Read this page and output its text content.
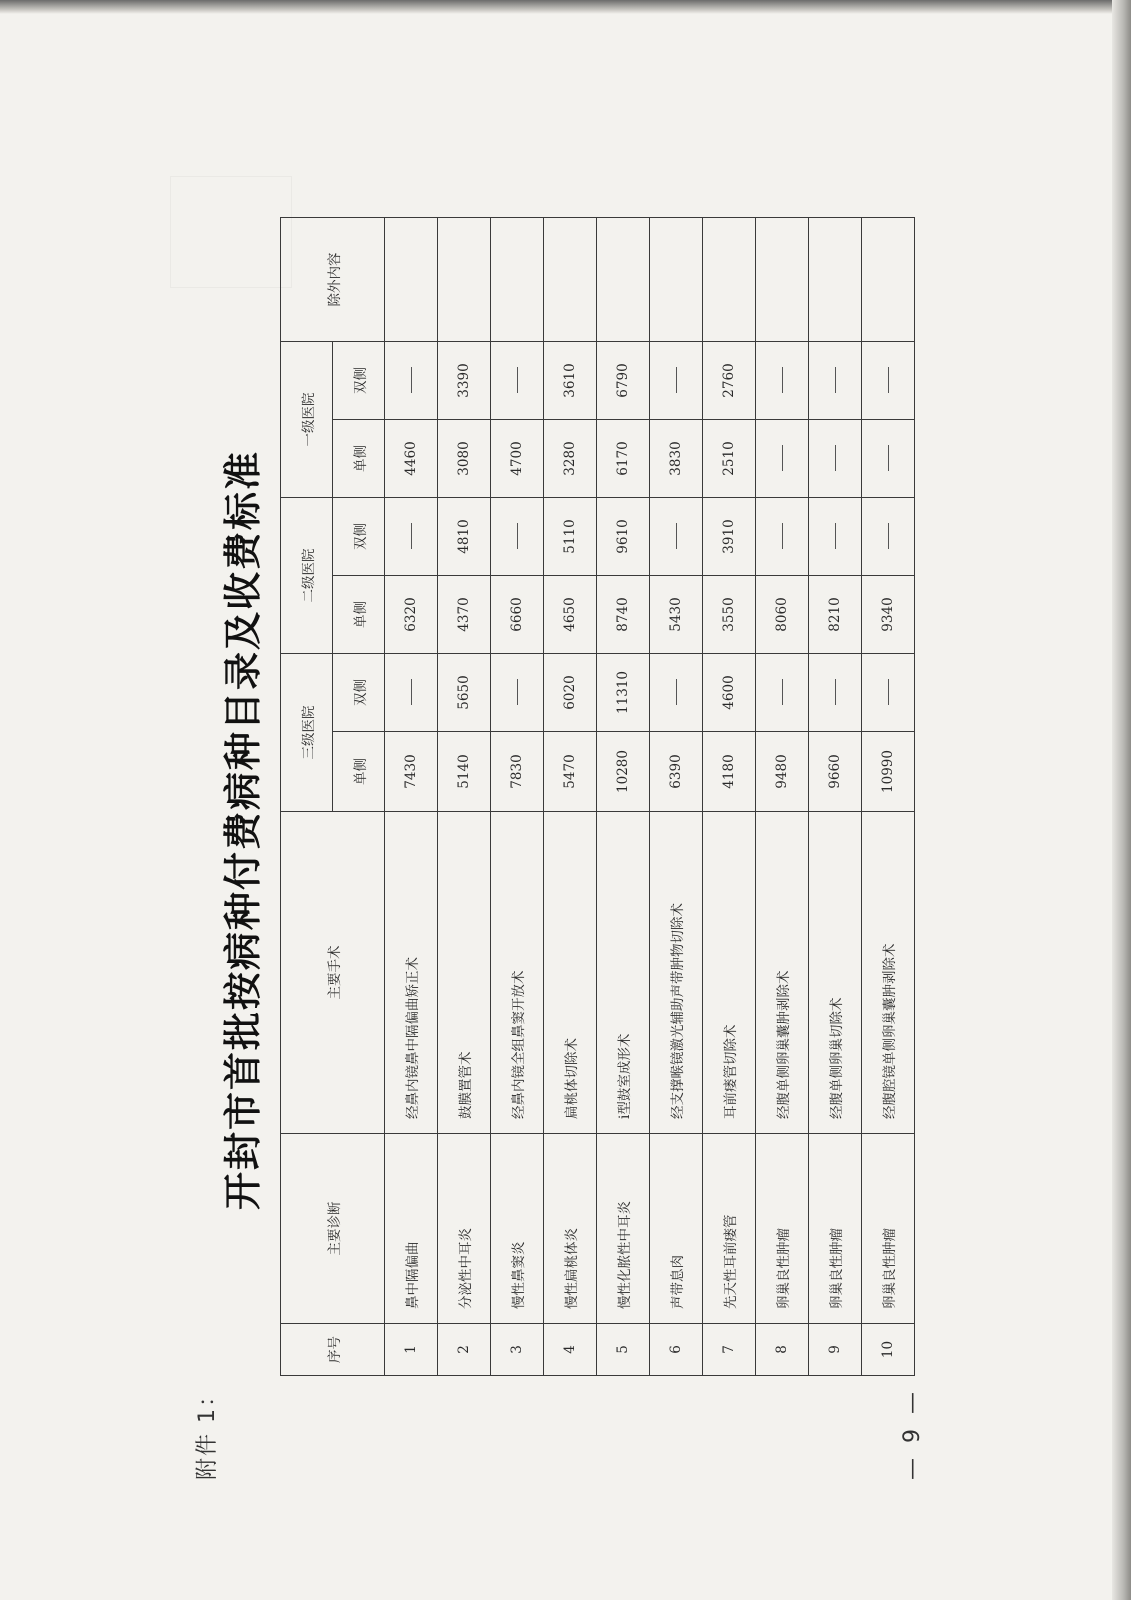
附件 1：
开封市首批按病种付费病种目录及收费标准
序号	主要诊断	主要手术	三级医院		二级医院		一级医院		除外内容
			单侧	双侧	单侧	双侧	单侧	双侧	
1	鼻中隔偏曲	经鼻内镜鼻中隔偏曲矫正术	7430		6320		4460		
2	分泌性中耳炎	鼓膜置管术	5140	5650	4370	4810	3080	3390	
3	慢性鼻窦炎	经鼻内镜全组鼻窦开放术	7830		6660		4700		
4	慢性扁桃体炎	扁桃体切除术	5470	6020	4650	5110	3280	3610	
5	慢性化脓性中耳炎	ⅰ型鼓室成形术	10280	11310	8740	9610	6170	6790	
6	声带息肉	经支撑喉镜激光辅助声带肿物切除术	6390		5430		3830		
7	先天性耳前瘘管	耳前瘘管切除术	4180	4600	3550	3910	2510	2760	
8	卵巢良性肿瘤	经腹单侧卵巢囊肿剥除术	9480		8060				
9	卵巢良性肿瘤	经腹单侧卵巢切除术	9660		8210				
10	卵巢良性肿瘤	经腹腔镜单侧卵巢囊肿剥除术	10990		9340				
— 9 —
